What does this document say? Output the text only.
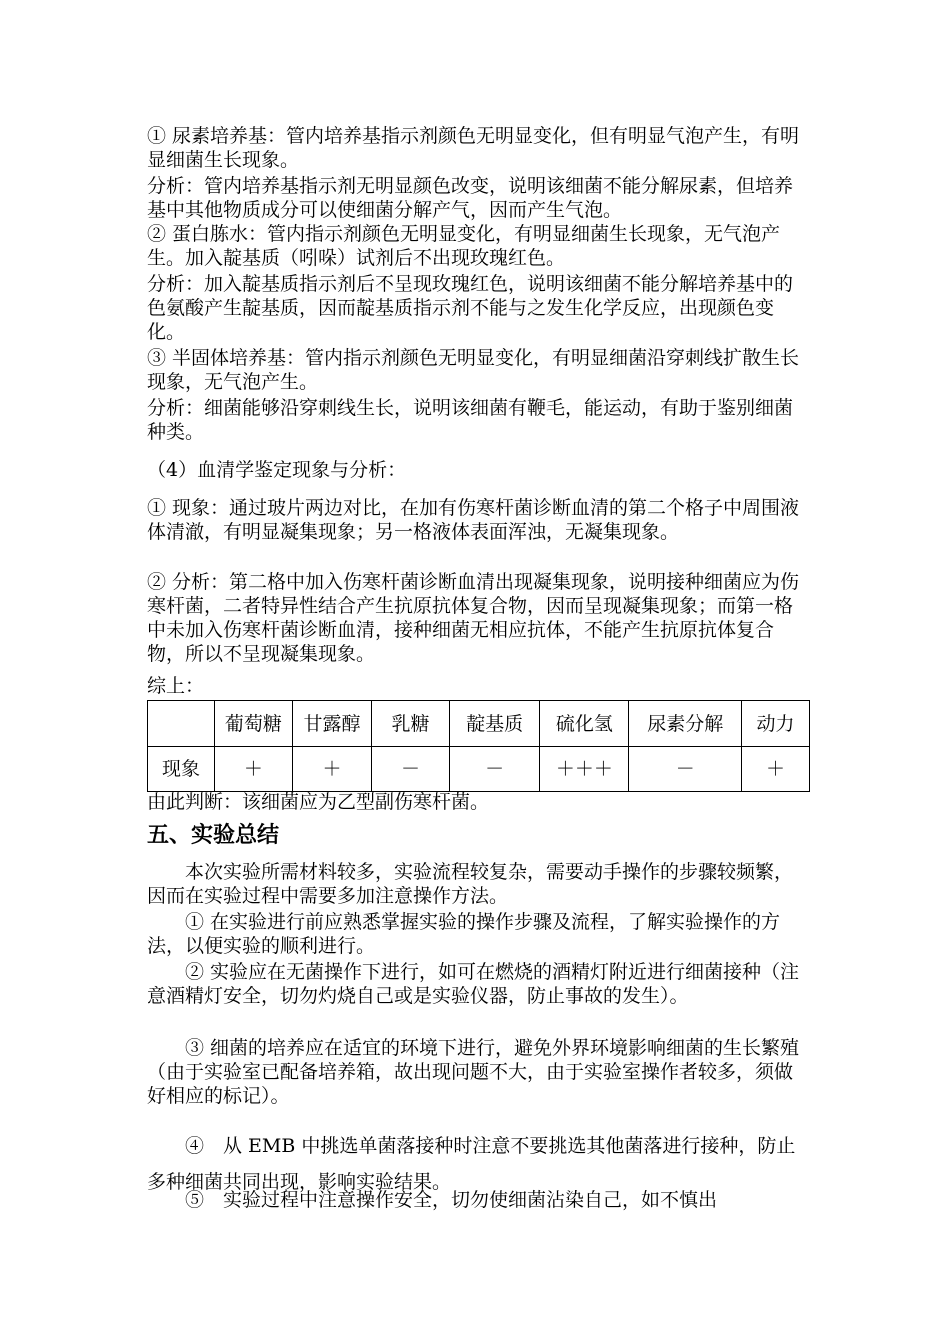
① 尿素培养基：管内培养基指示剂颜色无明显变化，但有明显气泡产生，有明显细菌生长现象。

分析：管内培养基指示剂无明显颜色改变，说明该细菌不能分解尿素，但培养基中其他物质成分可以使细菌分解产气，因而产生气泡。

② 蛋白胨水：管内指示剂颜色无明显变化，有明显细菌生长现象，无气泡产生。加入靛基质（吲哚）试剂后不出现玫瑰红色。

分析：加入靛基质指示剂后不呈现玫瑰红色，说明该细菌不能分解培养基中的色氨酸产生靛基质，因而靛基质指示剂不能与之发生化学反应，出现颜色变化。

③ 半固体培养基：管内指示剂颜色无明显变化，有明显细菌沿穿刺线扩散生长现象，无气泡产生。

分析：细菌能够沿穿刺线生长，说明该细菌有鞭毛，能运动，有助于鉴别细菌种类。

（4）血清学鉴定现象与分析：

① 现象：通过玻片两边对比，在加有伤寒杆菌诊断血清的第二个格子中周围液体清澈，有明显凝集现象；另一格液体表面浑浊，无凝集现象。

② 分析：第二格中加入伤寒杆菌诊断血清出现凝集现象，说明接种细菌应为伤寒杆菌，二者特异性结合产生抗原抗体复合物，因而呈现凝集现象；而第一格中未加入伤寒杆菌诊断血清，接种细菌无相应抗体，不能产生抗原抗体复合物，所以不呈现凝集现象。

综上：

	葡萄糖	甘露醇	乳糖	靛基质	硫化氢	尿素分解	动力
现象	＋	＋	－	－	＋＋＋	－	＋

由此判断：该细菌应为乙型副伤寒杆菌。

五、实验总结

本次实验所需材料较多，实验流程较复杂，需要动手操作的步骤较频繁，因而在实验过程中需要多加注意操作方法。

① 在实验进行前应熟悉掌握实验的操作步骤及流程，了解实验操作的方法，以便实验的顺利进行。

② 实验应在无菌操作下进行，如可在燃烧的酒精灯附近进行细菌接种（注意酒精灯安全，切勿灼烧自己或是实验仪器，防止事故的发生）。

③ 细菌的培养应在适宜的环境下进行，避免外界环境影响细菌的生长繁殖（由于实验室已配备培养箱，故出现问题不大，由于实验室操作者较多，须做好相应的标记）。

④　从 EMB 中挑选单菌落接种时注意不要挑选其他菌落进行接种，防止多种细菌共同出现，影响实验结果。

⑤　实验过程中注意操作安全，切勿使细菌沾染自己，如不慎出
